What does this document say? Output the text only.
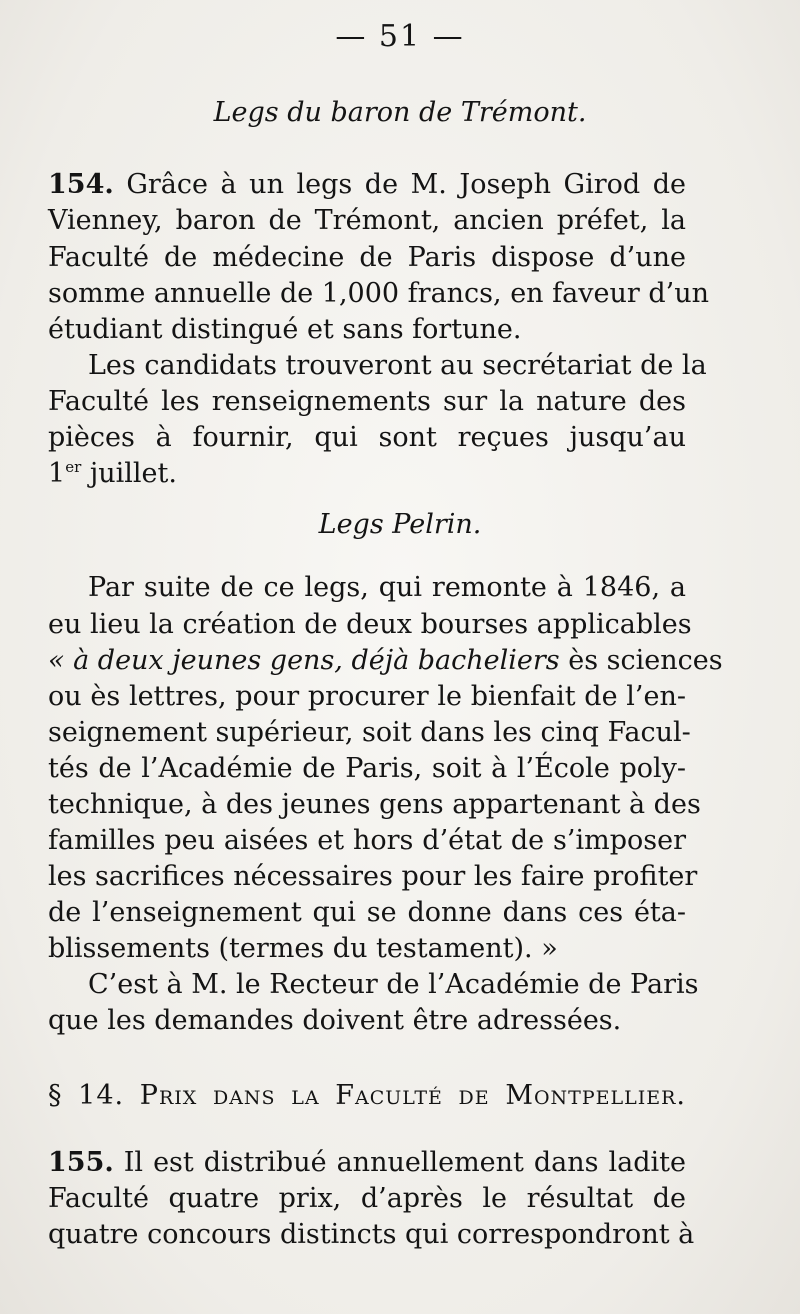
— 51 —
Legs du baron de Trémont.
154. Grâce à un legs de M. Joseph Girod de
Vienney, baron de Trémont, ancien préfet, la
Faculté de médecine de Paris dispose d’une
somme annuelle de 1,000 francs, en faveur d’un
étudiant distingué et sans fortune.
Les candidats trouveront au secrétariat de la
Faculté les renseignements sur la nature des
pièces à fournir, qui sont reçues jusqu’au
1er juillet.
Legs Pelrin.
Par suite de ce legs, qui remonte à 1846, a
eu lieu la création de deux bourses applicables
« à deux jeunes gens, déjà bacheliers ès sciences
ou ès lettres, pour procurer le bienfait de l’en-
seignement supérieur, soit dans les cinq Facul-
tés de l’Académie de Paris, soit à l’École poly-
technique, à des jeunes gens appartenant à des
familles peu aisées et hors d’état de s’imposer
les sacrifices nécessaires pour les faire profiter
de l’enseignement qui se donne dans ces éta-
blissements (termes du testament). »
C’est à M. le Recteur de l’Académie de Paris
que les demandes doivent être adressées.
§ 14. Prix dans la Faculté de Montpellier.
155. Il est distribué annuellement dans ladite
Faculté quatre prix, d’après le résultat de
quatre concours distincts qui correspondront à
